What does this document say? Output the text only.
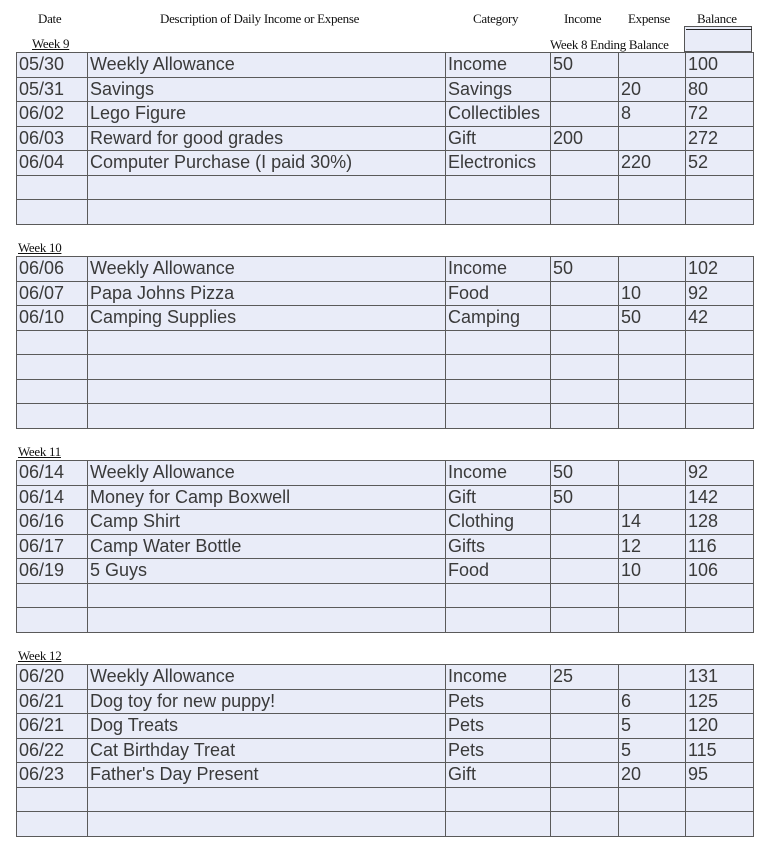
Date	Description of Daily Income or Expense	Category	Income Expense Balance
Week 8 Ending Balance
Week 9
05/30	Weekly Allowance	Income	50		100
05/31	Savings	Savings		20	80
06/02	Lego Figure	Collectibles		8	72
06/03	Reward for good grades	Gift	200		272
06/04	Computer Purchase (I paid 30%)	Electronics		220	52

Week 10
06/06	Weekly Allowance	Income	50		102
06/07	Papa Johns Pizza	Food		10	92
06/10	Camping Supplies	Camping		50	42

Week 11
06/14	Weekly Allowance	Income	50		92
06/14	Money for Camp Boxwell	Gift	50		142
06/16	Camp Shirt	Clothing		14	128
06/17	Camp Water Bottle	Gifts		12	116
06/19	5 Guys	Food		10	106

Week 12
06/20	Weekly Allowance	Income	25		131
06/21	Dog toy for new puppy!	Pets		6	125
06/21	Dog Treats	Pets		5	120
06/22	Cat Birthday Treat	Pets		5	115
06/23	Father's Day Present	Gift		20	95
